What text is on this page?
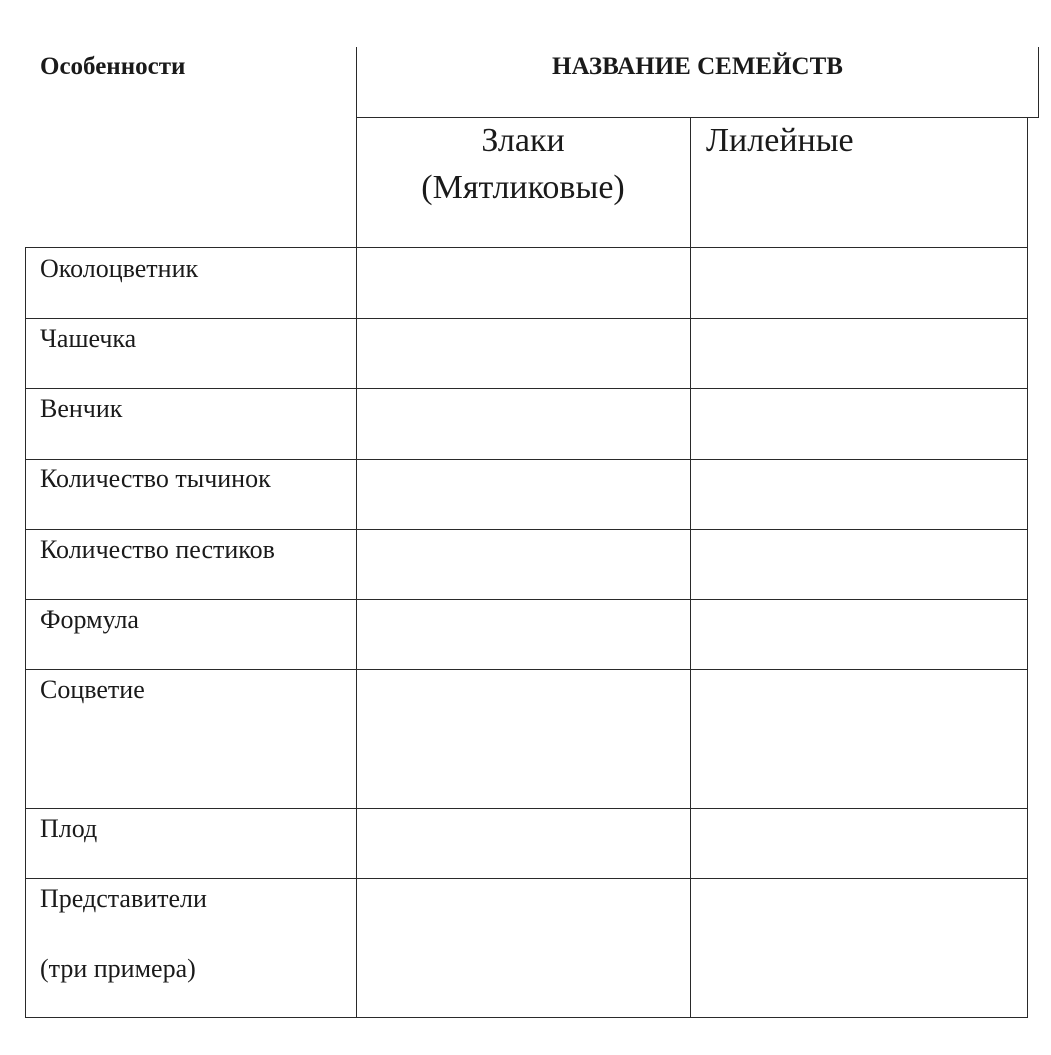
Особенности	НАЗВАНИЕ СЕМЕЙСТВ
Злаки
(Мятликовые)
Лилейные
Околоцветник
Чашечка
Венчик
Количество тычинок
Количество пестиков
Формула
Соцветие
Плод
Представители
(три примера)
